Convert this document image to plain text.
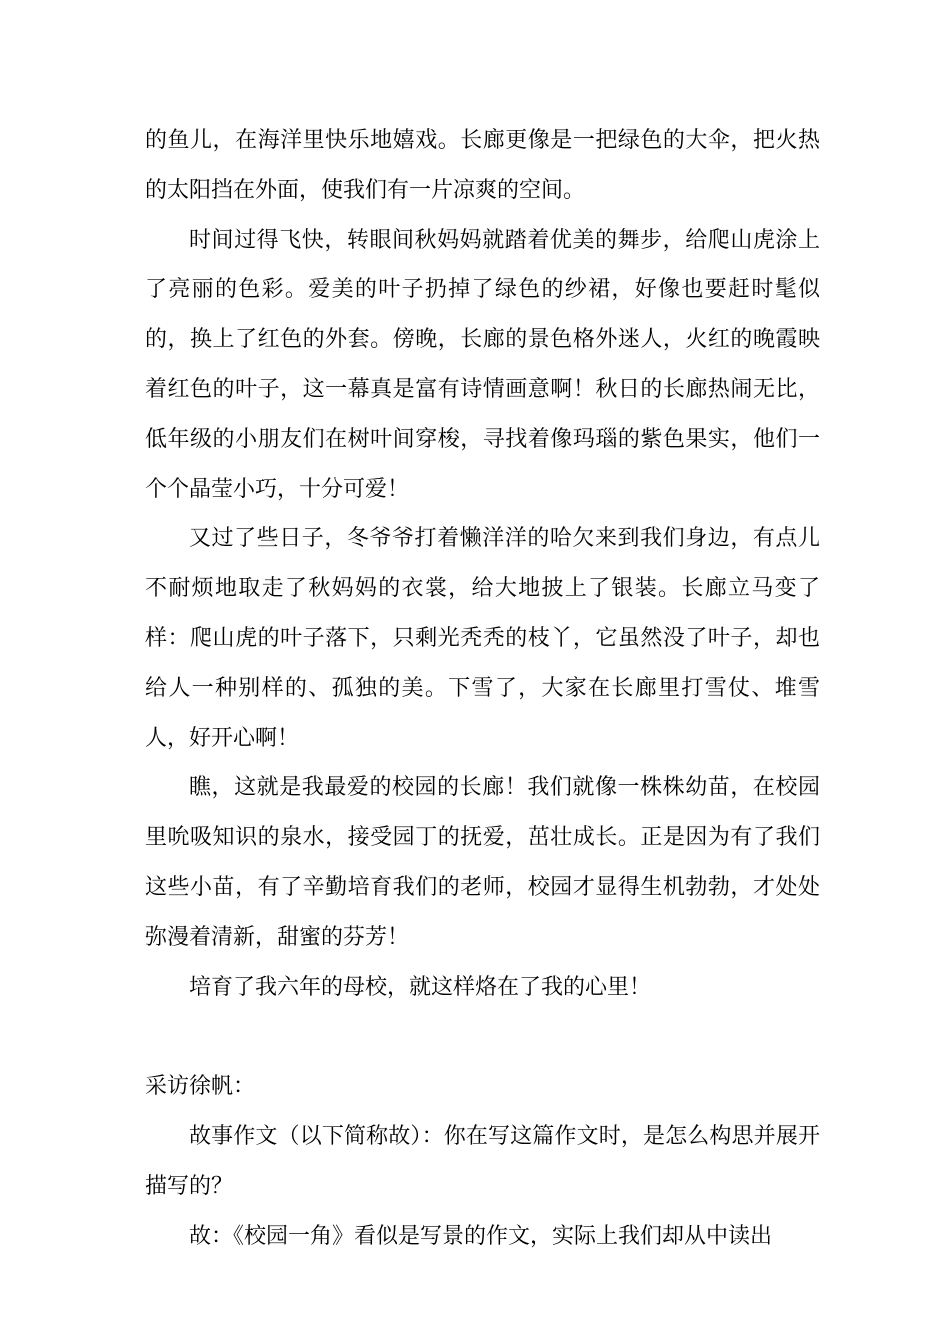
的鱼儿，在海洋里快乐地嬉戏。长廊更像是一把绿色的大伞，把火热的太阳挡在外面，使我们有一片凉爽的空间。

时间过得飞快，转眼间秋妈妈就踏着优美的舞步，给爬山虎涂上了亮丽的色彩。爱美的叶子扔掉了绿色的纱裙，好像也要赶时髦似的，换上了红色的外套。傍晚，长廊的景色格外迷人，火红的晚霞映着红色的叶子，这一幕真是富有诗情画意啊！秋日的长廊热闹无比，低年级的小朋友们在树叶间穿梭，寻找着像玛瑙的紫色果实，他们一个个晶莹小巧，十分可爱！

又过了些日子，冬爷爷打着懒洋洋的哈欠来到我们身边，有点儿不耐烦地取走了秋妈妈的衣裳，给大地披上了银装。长廊立马变了样：爬山虎的叶子落下，只剩光秃秃的枝丫，它虽然没了叶子，却也给人一种别样的、孤独的美。下雪了，大家在长廊里打雪仗、堆雪人，好开心啊！

瞧，这就是我最爱的校园的长廊！我们就像一株株幼苗，在校园里吮吸知识的泉水，接受园丁的抚爱，茁壮成长。正是因为有了我们这些小苗，有了辛勤培育我们的老师，校园才显得生机勃勃，才处处弥漫着清新，甜蜜的芬芳！

培育了我六年的母校，就这样烙在了我的心里！

采访徐帆：

故事作文（以下简称故）：你在写这篇作文时，是怎么构思并展开描写的？

故：《校园一角》看似是写景的作文，实际上我们却从中读出
